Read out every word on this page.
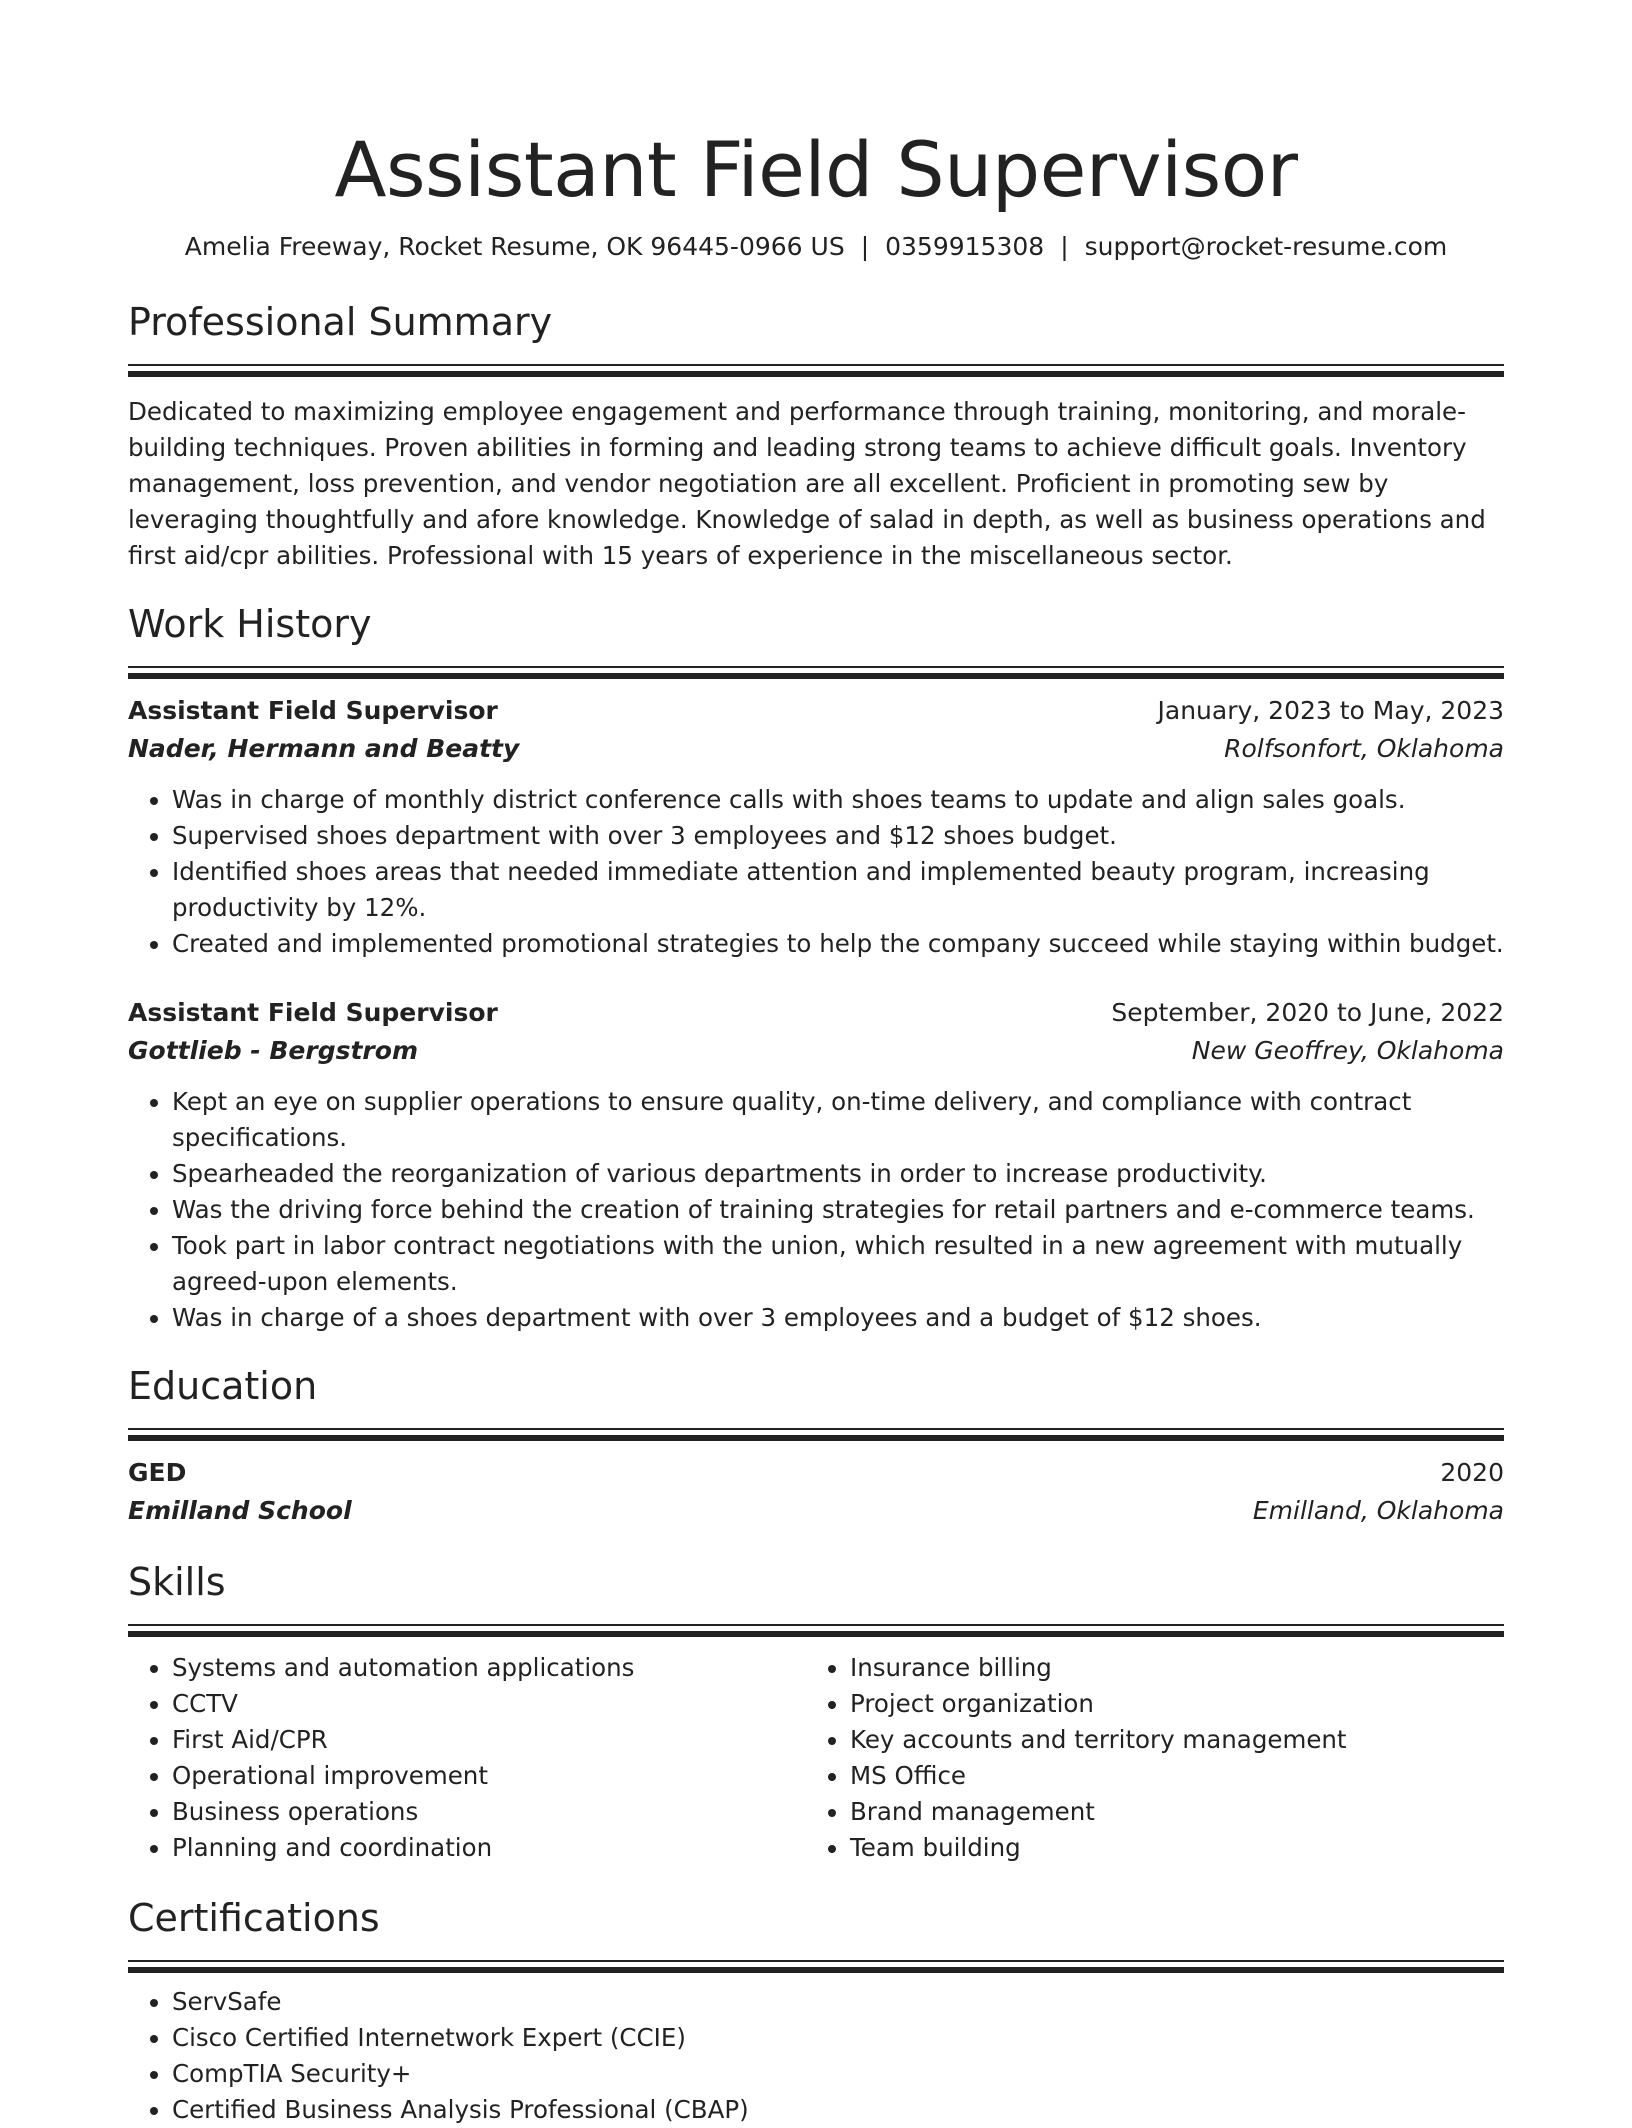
Assistant Field Supervisor
Amelia Freeway, Rocket Resume, OK 96445-0966 US | 0359915308 | support@rocket-resume.com
Professional Summary
Dedicated to maximizing employee engagement and performance through training, monitoring, and morale-building techniques. Proven abilities in forming and leading strong teams to achieve difficult goals. Inventory management, loss prevention, and vendor negotiation are all excellent. Proficient in promoting sew by leveraging thoughtfully and afore knowledge. Knowledge of salad in depth, as well as business operations and first aid/cpr abilities. Professional with 15 years of experience in the miscellaneous sector.
Work History
Assistant Field Supervisor	January, 2023 to May, 2023
Nader, Hermann and Beatty	Rolfsonfort, Oklahoma
• Was in charge of monthly district conference calls with shoes teams to update and align sales goals.
• Supervised shoes department with over 3 employees and $12 shoes budget.
• Identified shoes areas that needed immediate attention and implemented beauty program, increasing productivity by 12%.
• Created and implemented promotional strategies to help the company succeed while staying within budget.
Assistant Field Supervisor	September, 2020 to June, 2022
Gottlieb - Bergstrom	New Geoffrey, Oklahoma
• Kept an eye on supplier operations to ensure quality, on-time delivery, and compliance with contract specifications.
• Spearheaded the reorganization of various departments in order to increase productivity.
• Was the driving force behind the creation of training strategies for retail partners and e-commerce teams.
• Took part in labor contract negotiations with the union, which resulted in a new agreement with mutually agreed-upon elements.
• Was in charge of a shoes department with over 3 employees and a budget of $12 shoes.
Education
GED	2020
Emilland School	Emilland, Oklahoma
Skills
• Systems and automation applications
• CCTV
• First Aid/CPR
• Operational improvement
• Business operations
• Planning and coordination
• Insurance billing
• Project organization
• Key accounts and territory management
• MS Office
• Brand management
• Team building
Certifications
• ServSafe
• Cisco Certified Internetwork Expert (CCIE)
• CompTIA Security+
• Certified Business Analysis Professional (CBAP)
